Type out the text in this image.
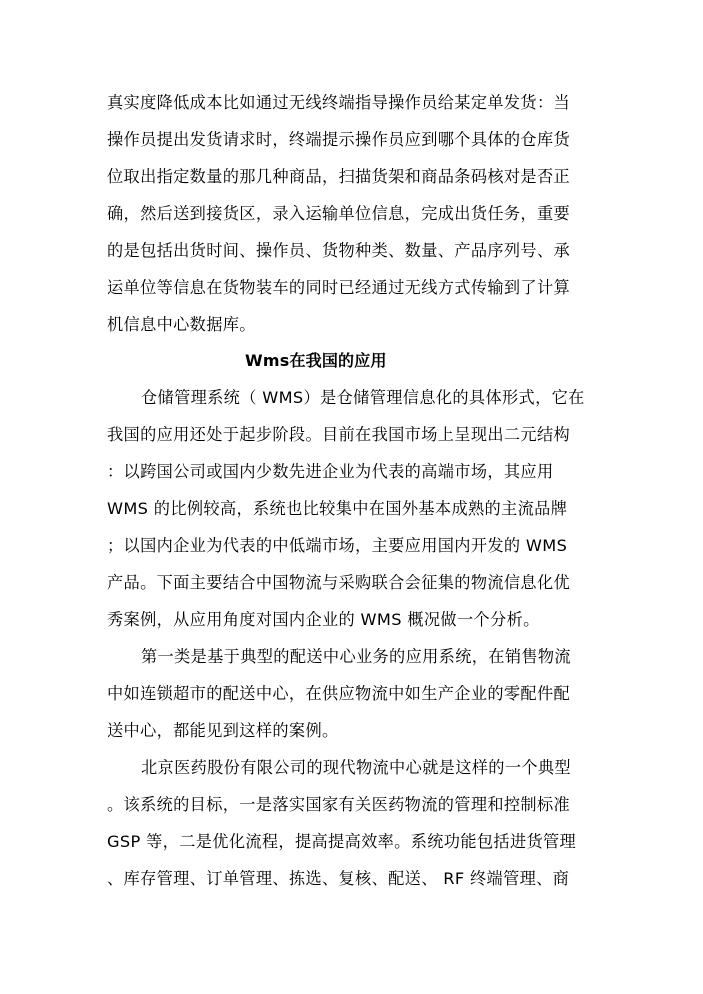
真实度降低成本比如通过无线终端指导操作员给某定单发货：当
操作员提出发货请求时，终端提示操作员应到哪个具体的仓库货
位取出指定数量的那几种商品，扫描货架和商品条码核对是否正
确，然后送到接货区，录入运输单位信息，完成出货任务，重要
的是包括出货时间、操作员、货物种类、数量、产品序列号、承
运单位等信息在货物装车的同时已经通过无线方式传输到了计算
机信息中心数据库。
Wms在我国的应用
仓储管理系统（ WMS）是仓储管理信息化的具体形式，它在
我国的应用还处于起步阶段。目前在我国市场上呈现出二元结构
：以跨国公司或国内少数先进企业为代表的高端市场，其应用
WMS 的比例较高，系统也比较集中在国外基本成熟的主流品牌
；以国内企业为代表的中低端市场，主要应用国内开发的 WMS
产品。下面主要结合中国物流与采购联合会征集的物流信息化优
秀案例，从应用角度对国内企业的 WMS 概况做一个分析。
第一类是基于典型的配送中心业务的应用系统，在销售物流
中如连锁超市的配送中心，在供应物流中如生产企业的零配件配
送中心，都能见到这样的案例。
北京医药股份有限公司的现代物流中心就是这样的一个典型
。该系统的目标，一是落实国家有关医药物流的管理和控制标准
GSP 等，二是优化流程，提高提高效率。系统功能包括进货管理
、库存管理、订单管理、拣选、复核、配送、 RF 终端管理、商
